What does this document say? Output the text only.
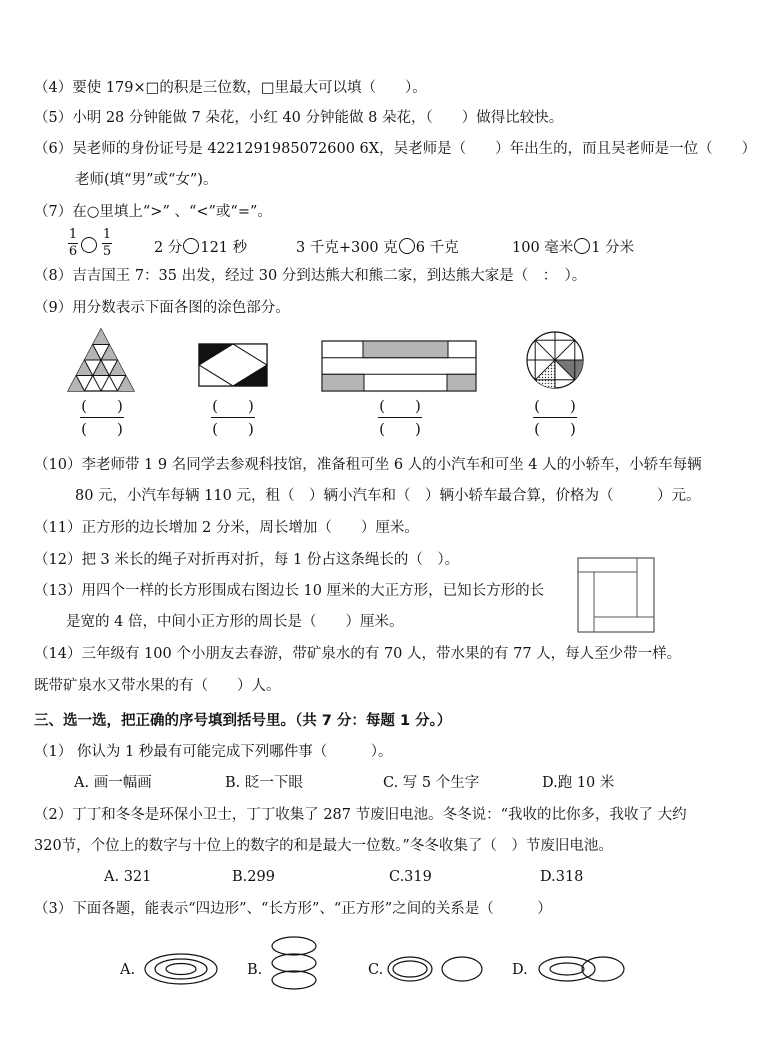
（4）要使 179×□的积是三位数，□里最大可以填（　　）。
（5）小明 28 分钟能做 7 朵花，小红 40 分钟能做 8 朵花，（　　）做得比较快。
（6）吴老师的身份证号是 4221291985072600 6X，吴老师是（　　）年出生的，而且吴老师是一位（　　）
老师(填“男”或“女”)。
（7）在○里填上“>” 、“<”或“=”。
1
6
1
5	2 分 121 秒	3 千克+300 克 6 千克	100 毫米 1 分米
（8）吉吉国王 7：35 出发，经过 30 分到达熊大和熊二家，到达熊大家是（　：　）。
（9）用分数表示下面各图的涂色部分。
(　　)
(　　)
(　　)
(　　)
(　　)
(　　)
(　　)
(　　)
（10）李老师带 1 9 名同学去参观科技馆，准备租可坐 6 人的小汽车和可坐 4 人的小轿车，小轿车每辆
80 元，小汽车每辆 110 元，租（　）辆小汽车和（　）辆小轿车最合算，价格为（　　　）元。
（11）正方形的边长增加 2 分米，周长增加（　　）厘米。
（12）把 3 米长的绳子对折再对折，每 1 份占这条绳长的（　）。
（13）用四个一样的长方形围成右图边长 10 厘米的大正方形，已知长方形的长
是宽的 4 倍，中间小正方形的周长是（　　）厘米。
（14）三年级有 100 个小朋友去春游，带矿泉水的有 70 人，带水果的有 77 人，每人至少带一样。
既带矿泉水又带水果的有（　　）人。
三、选一选，把正确的序号填到括号里。（共 7 分：每题 1 分。）
（1） 你认为 1 秒最有可能完成下列哪件事（　　　）。
A. 画一幅画	B. 眨一下眼	C. 写 5 个生字	D.跑 10 米
（2）丁丁和冬冬是环保小卫士，丁丁收集了 287 节废旧电池。冬冬说：“我收的比你多，我收了 大约
320节，个位上的数字与十位上的数字的和是最大一位数。”冬冬收集了（　）节废旧电池。
A. 321	B.299	C.319	D.318
（3）下面各题，能表示“四边形”、“长方形”、“正方形”之间的关系是（　　　）
A.	B.	C.	D.
